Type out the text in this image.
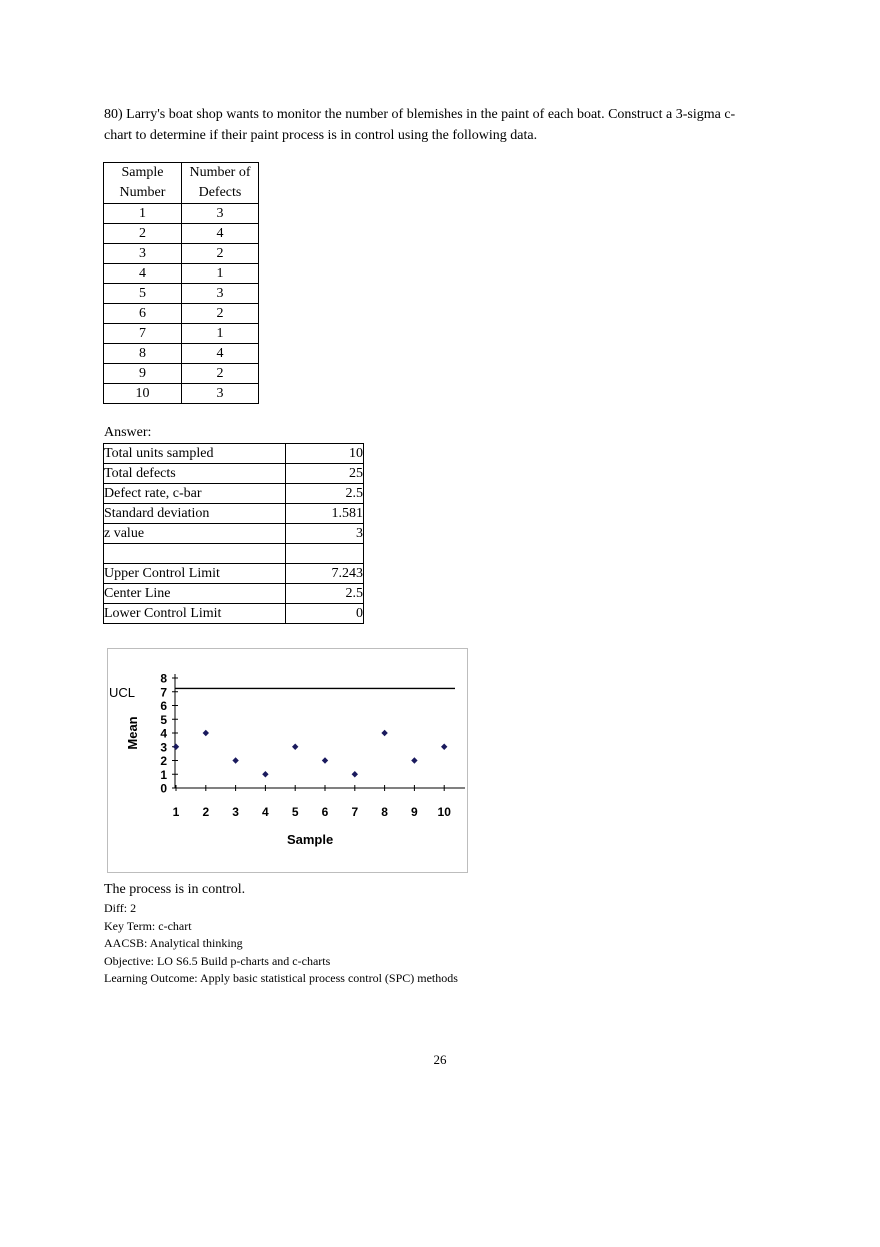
80) Larry's boat shop wants to monitor the number of blemishes in the paint of each boat. Construct a 3-sigma c-chart to determine if their paint process is in control using the following data.
Sample Number	Number of Defects
1	3
2	4
3	2
4	1
5	3
6	2
7	1
8	4
9	2
10	3
Answer:
Total units sampled	10
Total defects	25
Defect rate, c-bar	2.5
Standard deviation	1.581
z value	3

Upper Control Limit	7.243
Center Line	2.5
Lower Control Limit	0
0
1
2
3
4
5
6
7
8
1 2 3 4 5 6 7 8 9 10
UCL
Sample
Mean
The process is in control.
Diff: 2
Key Term: c-chart
AACSB: Analytical thinking
Objective: LO S6.5 Build p-charts and c-charts
Learning Outcome: Apply basic statistical process control (SPC) methods
26
